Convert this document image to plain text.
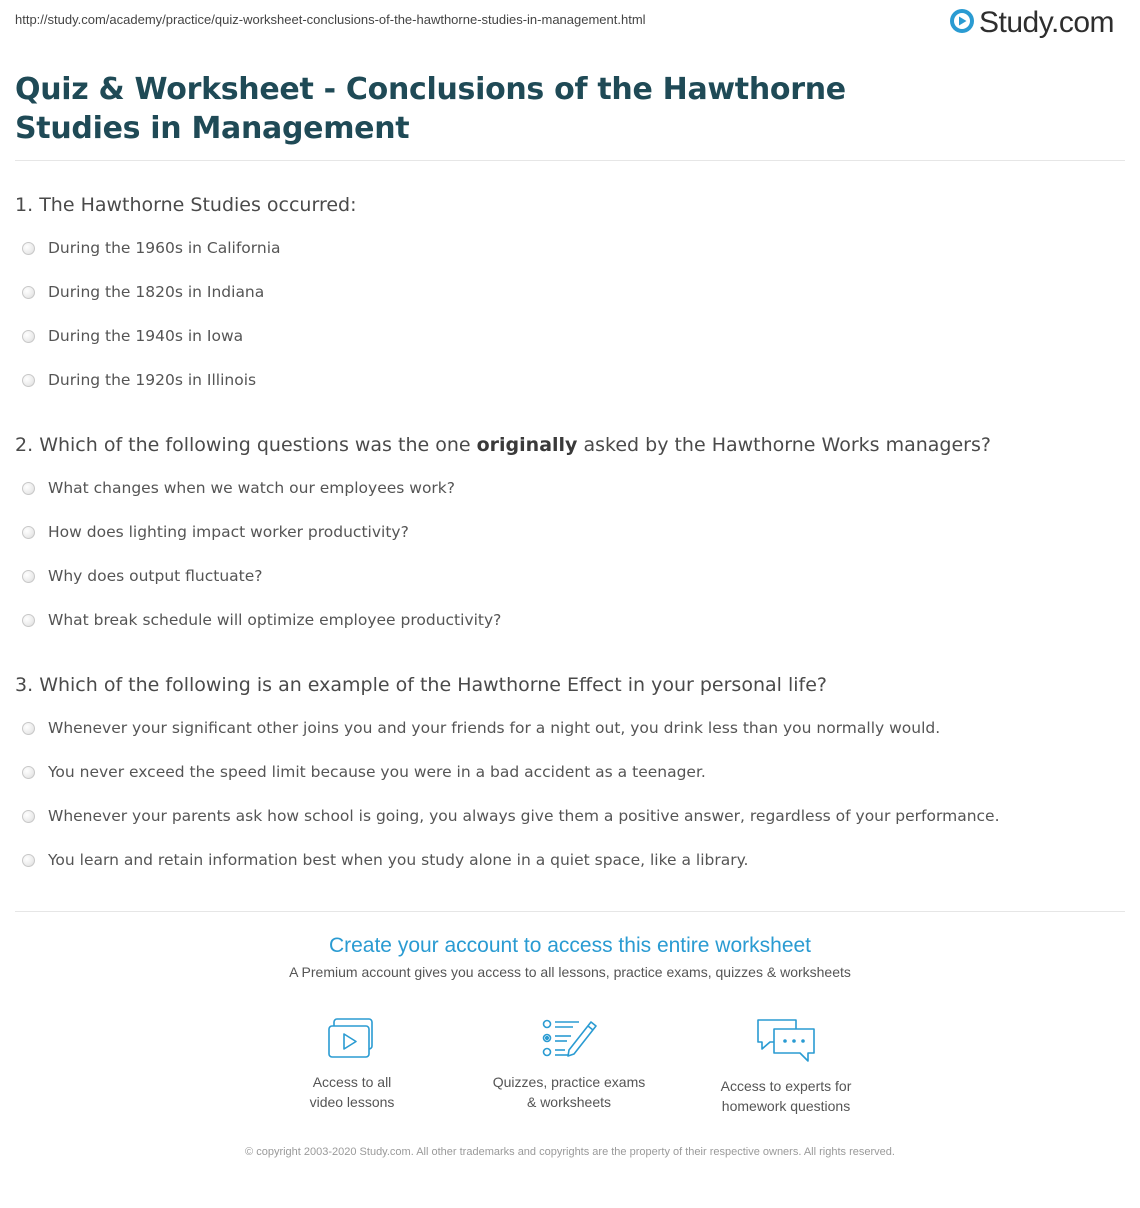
http://study.com/academy/practice/quiz-worksheet-conclusions-of-the-hawthorne-studies-in-management.html	Study.com
Quiz & Worksheet - Conclusions of the Hawthorne Studies in Management
1. The Hawthorne Studies occurred:
During the 1960s in California
During the 1820s in Indiana
During the 1940s in Iowa
During the 1920s in Illinois
2. Which of the following questions was the one originally asked by the Hawthorne Works managers?
What changes when we watch our employees work?
How does lighting impact worker productivity?
Why does output fluctuate?
What break schedule will optimize employee productivity?
3. Which of the following is an example of the Hawthorne Effect in your personal life?
Whenever your significant other joins you and your friends for a night out, you drink less than you normally would.
You never exceed the speed limit because you were in a bad accident as a teenager.
Whenever your parents ask how school is going, you always give them a positive answer, regardless of your performance.
You learn and retain information best when you study alone in a quiet space, like a library.
Create your account to access this entire worksheet
A Premium account gives you access to all lessons, practice exams, quizzes & worksheets
Access to all
video lessons
Quizzes, practice exams
& worksheets
Access to experts for
homework questions
© copyright 2003-2020 Study.com. All other trademarks and copyrights are the property of their respective owners. All rights reserved.
